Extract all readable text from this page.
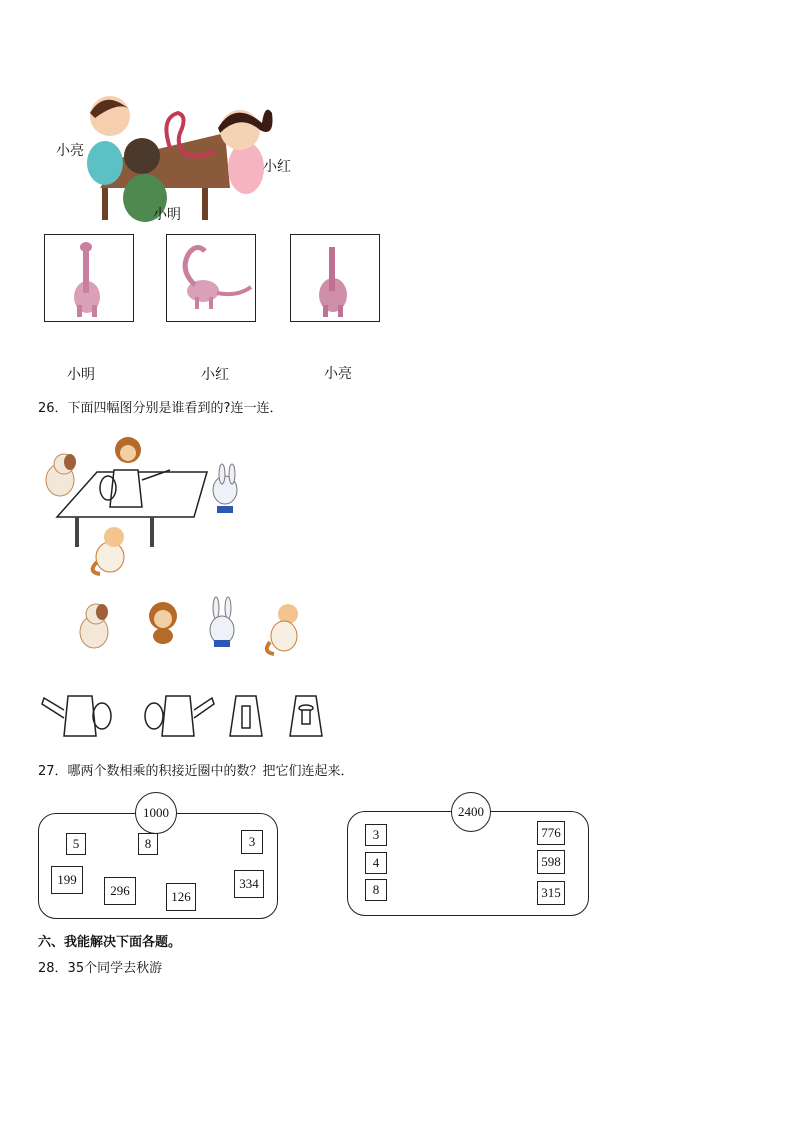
小亮
小红
小明
小明	小红	小亮
26．下面四幅图分别是谁看到的?连一连．
27．哪两个数相乘的积接近圈中的数？把它们连起来．
1000
5	8	3
199
296	126
334
2400
3
4
8
776
598
315
六、我能解决下面各题。
28．35个同学去秋游
